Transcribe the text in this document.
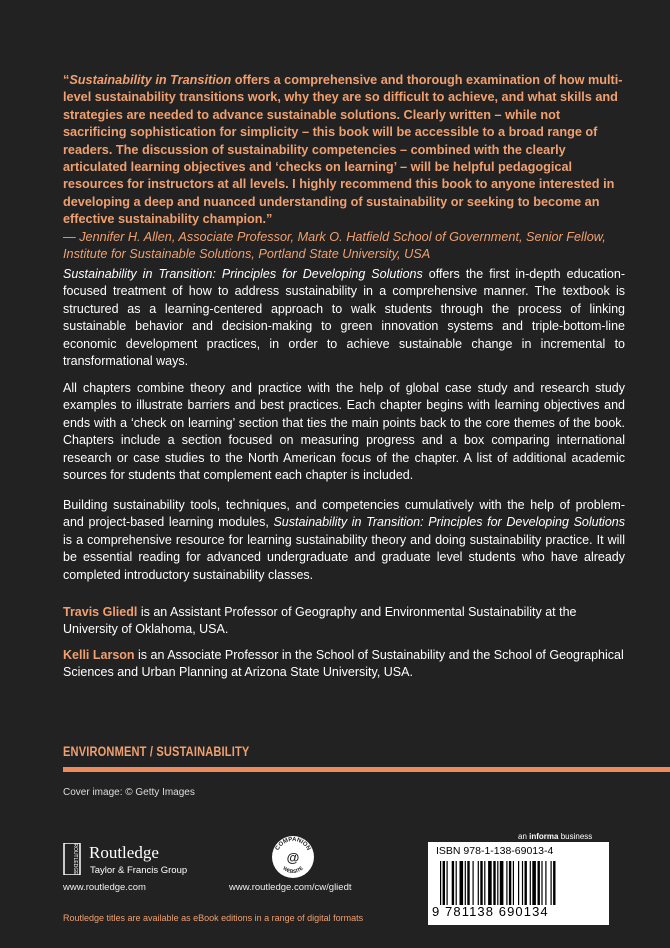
“Sustainability in Transition offers a comprehensive and thorough examination of how multi-level sustainability transitions work, why they are so difficult to achieve, and what skills and strategies are needed to advance sustainable solutions. Clearly written – while not sacrificing sophistication for simplicity – this book will be accessible to a broad range of readers. The discussion of sustainability competencies – combined with the clearly articulated learning objectives and ‘checks on learning’ – will be helpful pedagogical resources for instructors at all levels. I highly recommend this book to anyone interested in developing a deep and nuanced understanding of sustainability or seeking to become an effective sustainability champion.”
— Jennifer H. Allen, Associate Professor, Mark O. Hatfield School of Government, Senior Fellow, Institute for Sustainable Solutions, Portland State University, USA
Sustainability in Transition: Principles for Developing Solutions offers the first in-depth education-focused treatment of how to address sustainability in a comprehensive manner. The textbook is structured as a learning-centered approach to walk students through the process of linking sustainable behavior and decision-making to green innovation systems and triple-bottom-line economic development practices, in order to achieve sustainable change in incremental to transformational ways.
All chapters combine theory and practice with the help of global case study and research study examples to illustrate barriers and best practices. Each chapter begins with learning objectives and ends with a ‘check on learning’ section that ties the main points back to the core themes of the book. Chapters include a section focused on measuring progress and a box comparing international research or case studies to the North American focus of the chapter. A list of additional academic sources for students that complement each chapter is included.
Building sustainability tools, techniques, and competencies cumulatively with the help of problem- and project-based learning modules, Sustainability in Transition: Principles for Developing Solutions is a comprehensive resource for learning sustainability theory and doing sustainability practice. It will be essential reading for advanced undergraduate and graduate level students who have already completed introductory sustainability classes.
Travis Gliedl is an Assistant Professor of Geography and Environmental Sustainability at the University of Oklahoma, USA.
Kelli Larson is an Associate Professor in the School of Sustainability and the School of Geographical Sciences and Urban Planning at Arizona State University, USA.
ENVIRONMENT / SUSTAINABILITY
Cover image: © Getty Images
an informa business
ROUTLEDGE Routledge
Taylor & Francis Group
www.routledge.com
COMPANION
@
WEBSITE
www.routledge.com/cw/gliedt
ISBN 978-1-138-69013-4
9 781138 690134
Routledge titles are available as eBook editions in a range of digital formats
